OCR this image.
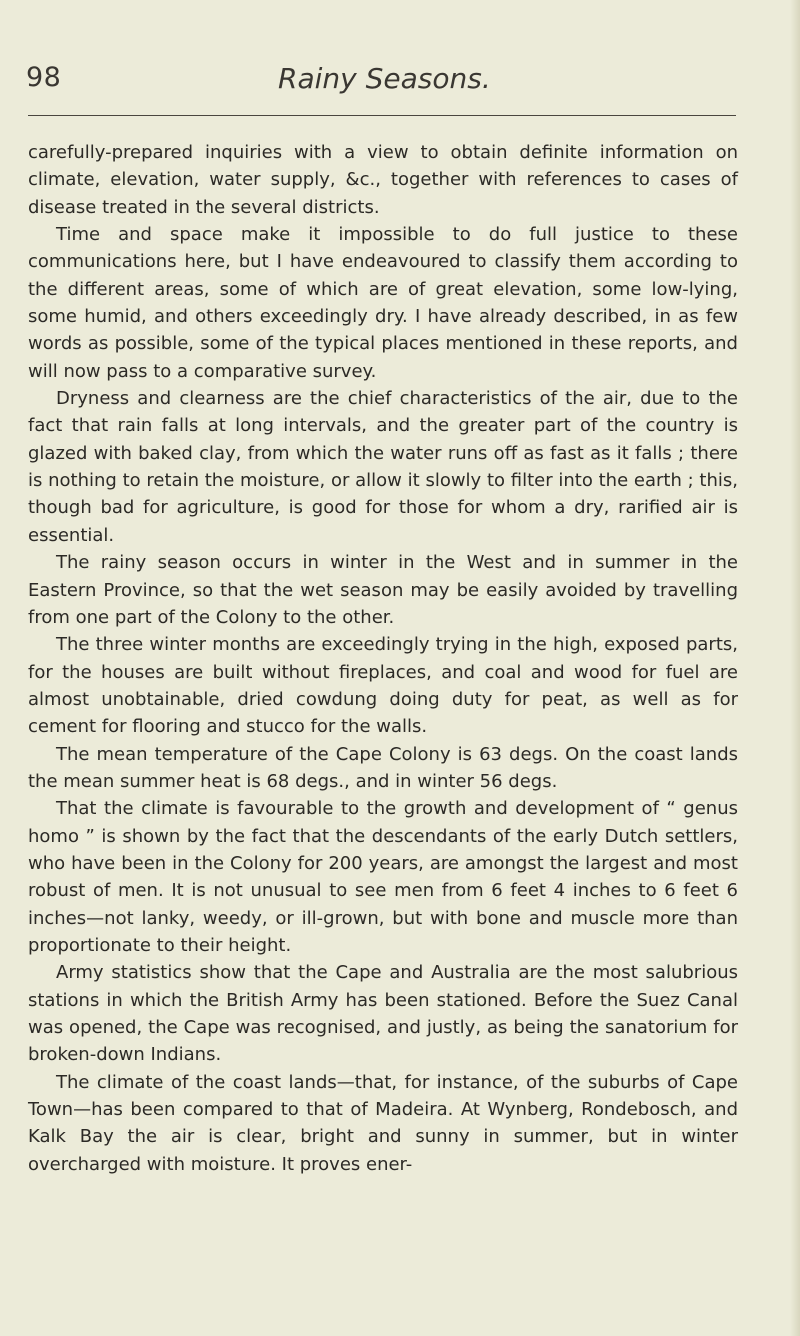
98	Rainy Seasons.

carefully-prepared inquiries with a view to obtain definite information on climate, elevation, water supply, &c., together with references to cases of disease treated in the several districts.

Time and space make it impossible to do full justice to these communications here, but I have endeavoured to classify them according to the different areas, some of which are of great elevation, some low-lying, some humid, and others exceedingly dry. I have already described, in as few words as possible, some of the typical places mentioned in these reports, and will now pass to a comparative survey.

Dryness and clearness are the chief characteristics of the air, due to the fact that rain falls at long intervals, and the greater part of the country is glazed with baked clay, from which the water runs off as fast as it falls ; there is nothing to retain the moisture, or allow it slowly to filter into the earth ; this, though bad for agriculture, is good for those for whom a dry, rarified air is essential.

The rainy season occurs in winter in the West and in summer in the Eastern Province, so that the wet season may be easily avoided by travelling from one part of the Colony to the other.

The three winter months are exceedingly trying in the high, exposed parts, for the houses are built without fireplaces, and coal and wood for fuel are almost unobtainable, dried cowdung doing duty for peat, as well as for cement for flooring and stucco for the walls.

The mean temperature of the Cape Colony is 63 degs. On the coast lands the mean summer heat is 68 degs., and in winter 56 degs.

That the climate is favourable to the growth and development of “ genus homo ” is shown by the fact that the descendants of the early Dutch settlers, who have been in the Colony for 200 years, are amongst the largest and most robust of men. It is not unusual to see men from 6 feet 4 inches to 6 feet 6 inches—not lanky, weedy, or ill-grown, but with bone and muscle more than proportionate to their height.

Army statistics show that the Cape and Australia are the most salubrious stations in which the British Army has been stationed. Before the Suez Canal was opened, the Cape was recognised, and justly, as being the sanatorium for broken-down Indians.

The climate of the coast lands—that, for instance, of the suburbs of Cape Town—has been compared to that of Madeira. At Wynberg, Rondebosch, and Kalk Bay the air is clear, bright and sunny in summer, but in winter overcharged with moisture. It proves ener-
